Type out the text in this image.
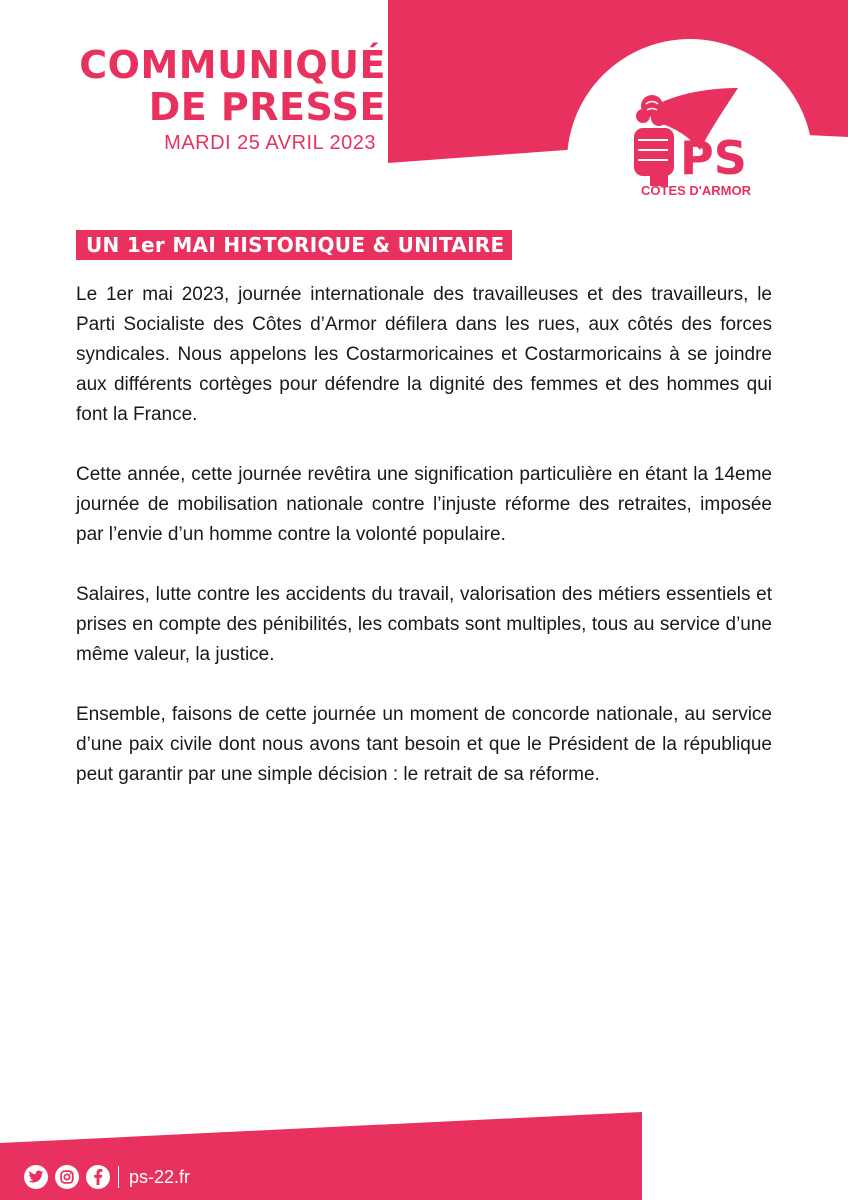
COMMUNIQUÉ
DE PRESSE
MARDI 25 AVRIL 2023	PS
CÔTES D'ARMOR
UN 1er MAI HISTORIQUE & UNITAIRE

Le 1er mai 2023, journée internationale des travailleuses et des travailleurs, le Parti Socialiste des Côtes d’Armor défilera dans les rues, aux côtés des forces syndicales. Nous appelons les Costarmoricaines et Costarmoricains à se joindre aux différents cortèges pour défendre la dignité des femmes et des hommes qui font la France.

Cette année, cette journée revêtira une signification particulière en étant la 14eme journée de mobilisation nationale contre l’injuste réforme des retraites, imposée par l’envie d’un homme contre la volonté populaire.

Salaires, lutte contre les accidents du travail, valorisation des métiers essentiels et prises en compte des pénibilités, les combats sont multiples, tous au service d’une même valeur, la justice.

Ensemble, faisons de cette journée un moment de concorde nationale, au service d’une paix civile dont nous avons tant besoin et que le Président de la république peut garantir par une simple décision : le retrait de sa réforme.

ps-22.fr
